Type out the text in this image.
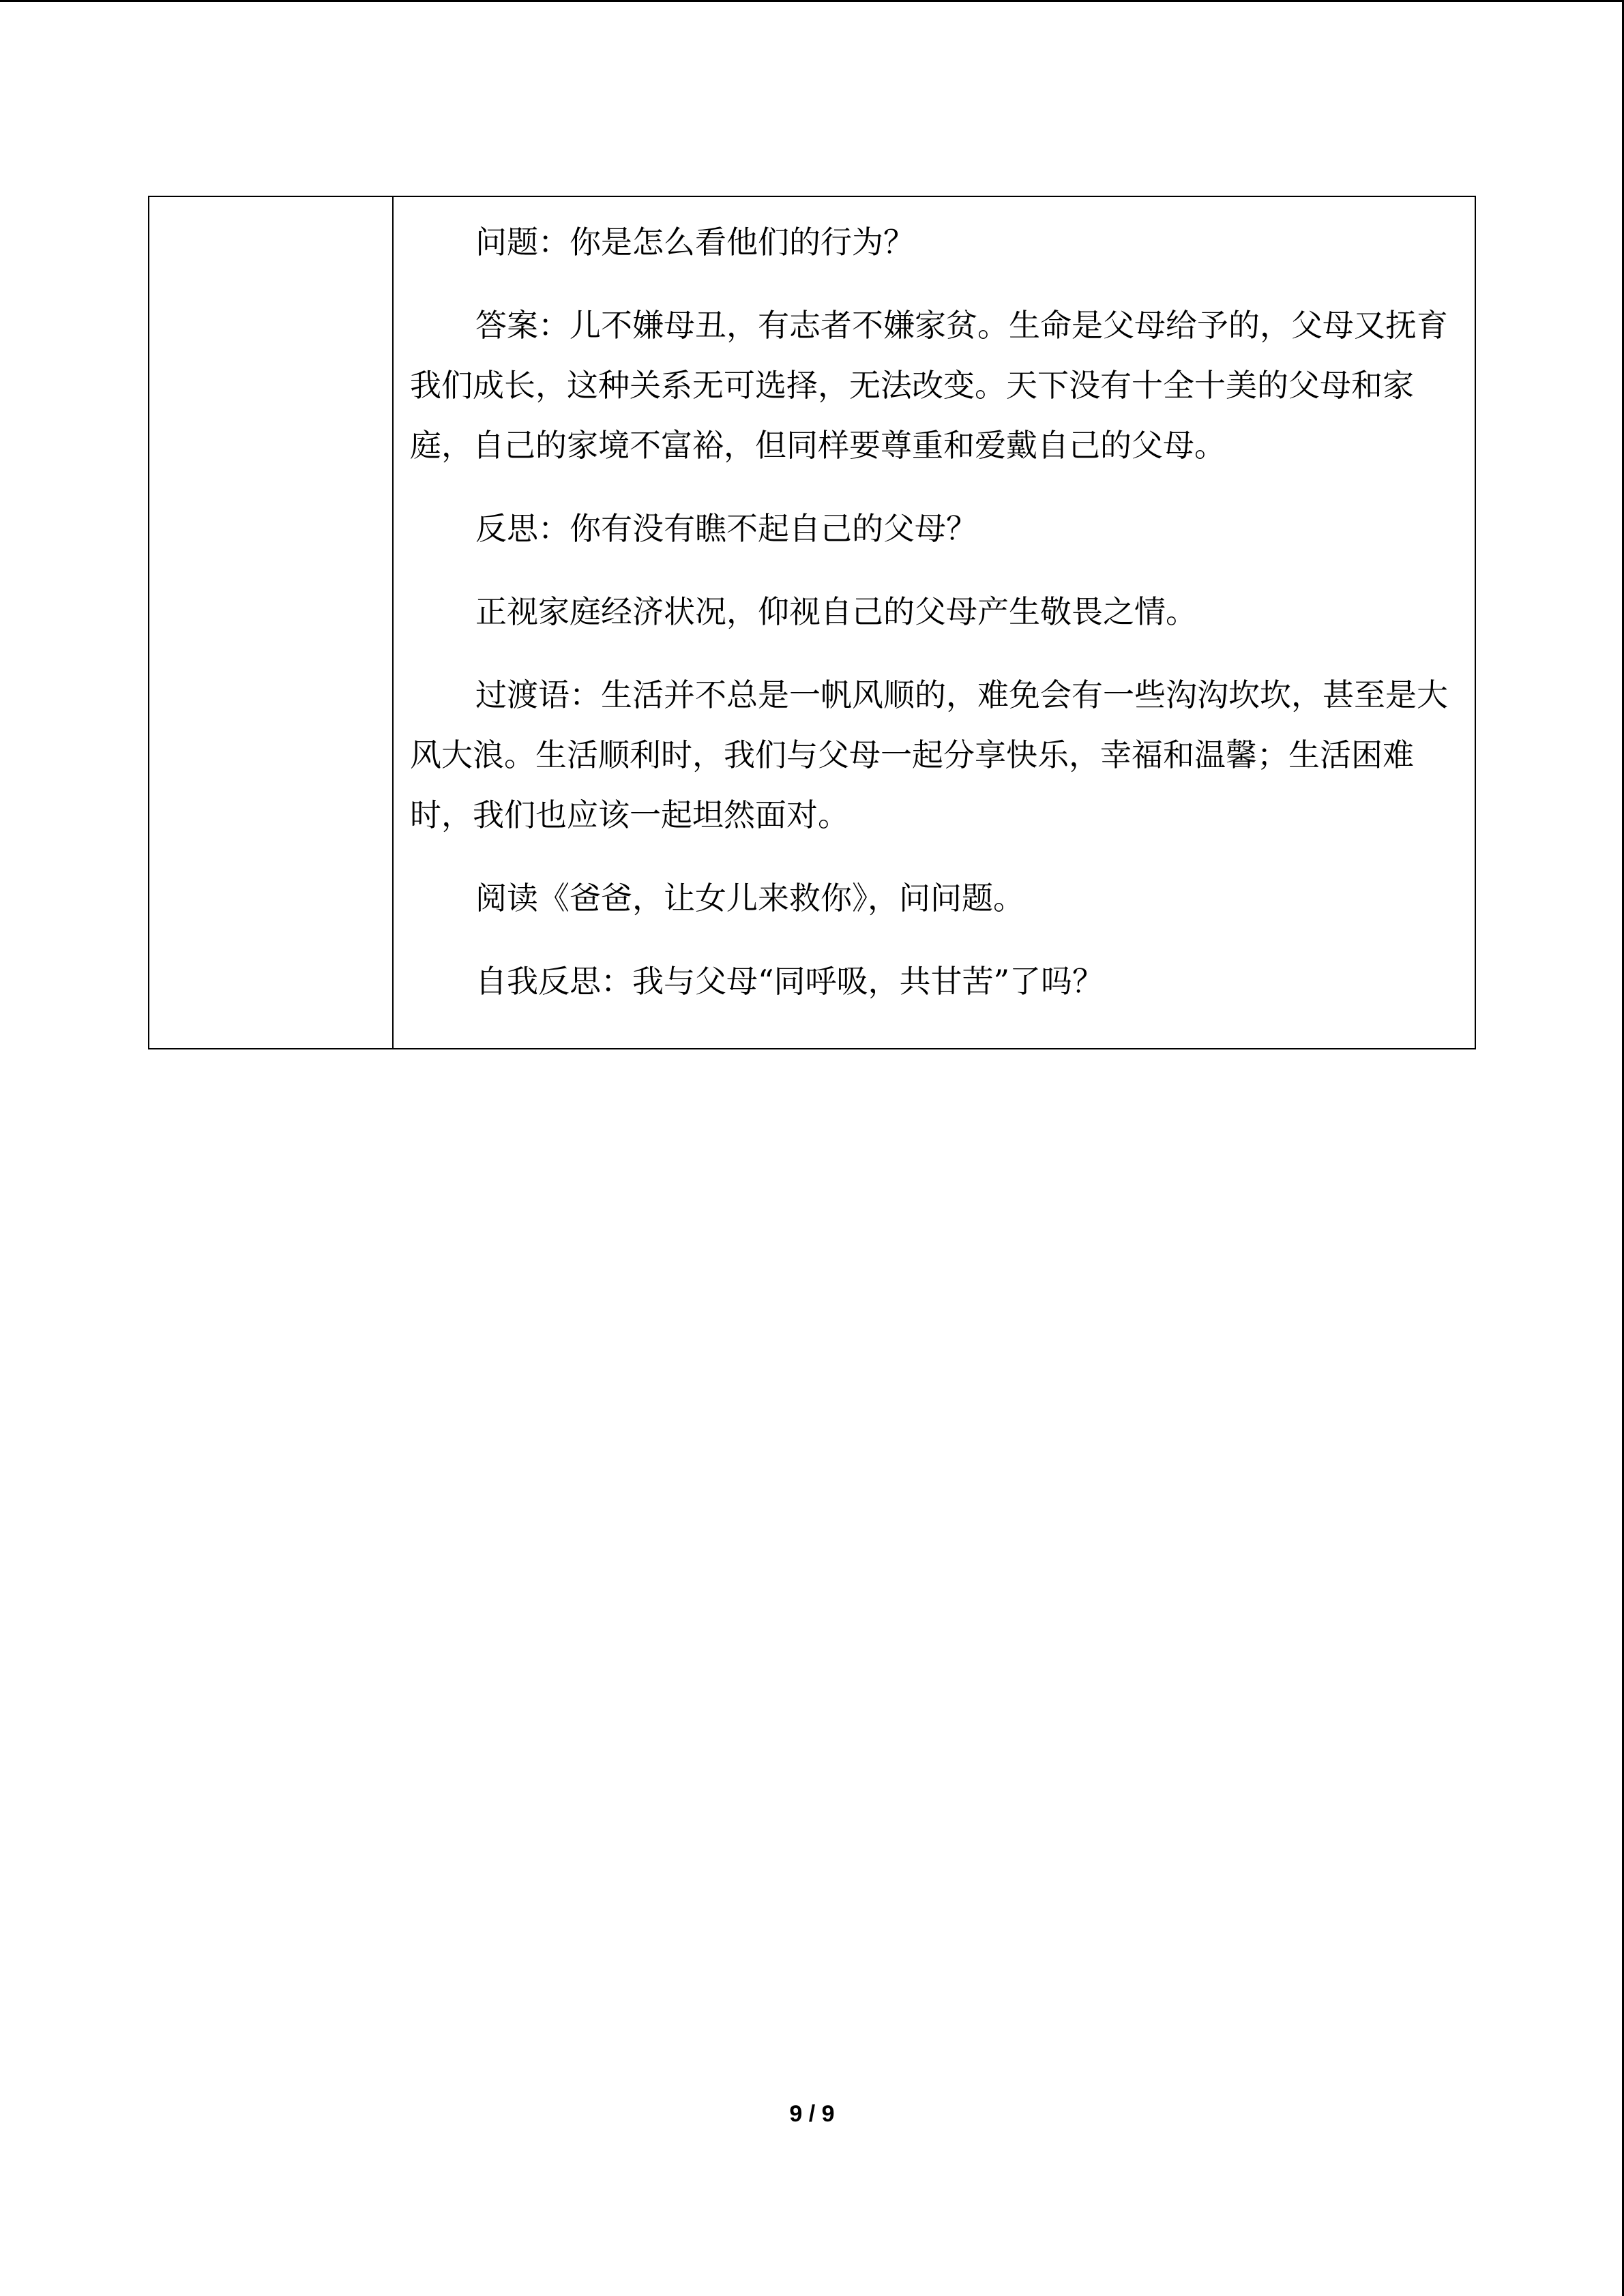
问题：你是怎么看他们的行为？

答案：儿不嫌母丑，有志者不嫌家贫。生命是父母给予的，父母又抚育我们成长，这种关系无可选择，无法改变。天下没有十全十美的父母和家庭，自己的家境不富裕，但同样要尊重和爱戴自己的父母。

反思：你有没有瞧不起自己的父母？

正视家庭经济状况，仰视自己的父母产生敬畏之情。

过渡语：生活并不总是一帆风顺的，难免会有一些沟沟坎坎，甚至是大风大浪。生活顺利时，我们与父母一起分享快乐，幸福和温馨；生活困难时，我们也应该一起坦然面对。

阅读《爸爸，让女儿来救你》，问问题。

自我反思：我与父母“同呼吸，共甘苦”了吗？

9 / 9
